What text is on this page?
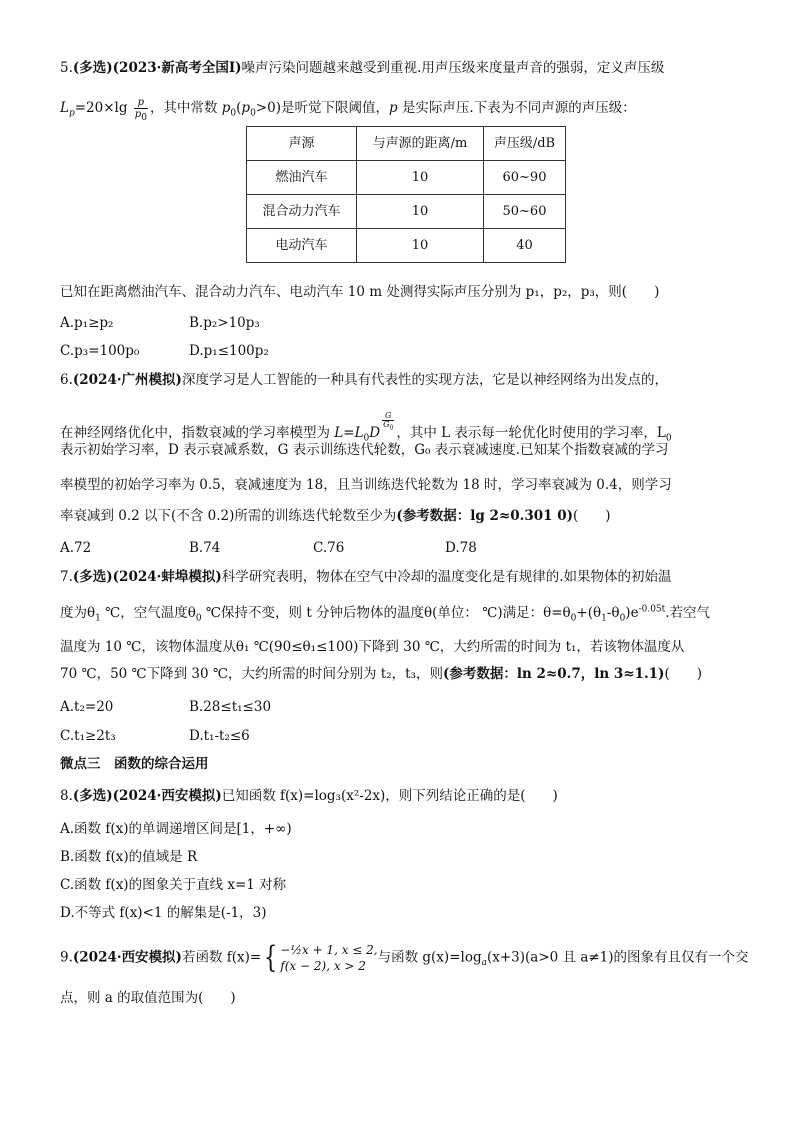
5.(多选)(2023·新高考全国Ⅰ)噪声污染问题越来越受到重视.用声压级来度量声音的强弱，定义声压级
$L_p=20\times\lg \frac{p}{p_0}$ ，其中常数 $p_0(p_0>0)$是听觉下限阈值，p 是实际声压.下表为不同声源的声压级：
声源	与声源的距离/m	声压级/dB
燃油汽车	10	60~90
混合动力汽车	10	50~60
电动汽车	10	40
已知在距离燃油汽车、混合动力汽车、电动汽车 10 m 处测得实际声压分别为 p₁，p₂，p₃，则(　　)
A.p₁≥p₂	B.p₂>10p₃
C.p₃=100p₀	D.p₁≤100p₂
6.(2024·广州模拟)深度学习是人工智能的一种具有代表性的实现方法，它是以神经网络为出发点的，
在神经网络优化中，指数衰减的学习率模型为 $L=L_0D$
$\frac{G}{G_0}$
，其中 L 表示每一轮优化时使用的学习率，$L_0$
表示初始学习率，D 表示衰减系数，G 表示训练迭代轮数，G₀ 表示衰减速度.已知某个指数衰减的学习
率模型的初始学习率为 0.5，衰减速度为 18，且当训练迭代轮数为 18 时，学习率衰减为 0.4，则学习
率衰减到 0.2 以下(不含 0.2)所需的训练迭代轮数至少为(参考数据：lg 2≈0.301 0)(　　)
A.72	B.74	C.76	D.78
7.(多选)(2024·蚌埠模拟)科学研究表明，物体在空气中冷却的温度变化是有规律的.如果物体的初始温
度为$\theta_1$ ℃，空气温度$\theta_0$ ℃保持不变，则 t 分钟后物体的温度θ(单位： ℃)满足：$\theta=\theta_0+(\theta_1-\theta_0)e^{-0.05t}$.若空气
温度为 10 ℃，该物体温度从θ₁ ℃(90≤θ₁≤100)下降到 30 ℃，大约所需的时间为 t₁，若该物体温度从
70 ℃，50 ℃下降到 30 ℃，大约所需的时间分别为 t₂，t₃，则(参考数据：ln 2≈0.7，ln 3≈1.1)(　　)
A.t₂=20	B.28≤t₁≤30
C.t₁≥2t₃	D.t₁-t₂≤6
微点三　函数的综合运用
8.(多选)(2024·西安模拟)已知函数 f(x)=log₃(x²-2x)，则下列结论正确的是(　　)
A.函数 f(x)的单调递增区间是[1，+∞)
B.函数 f(x)的值域是 R
C.函数 f(x)的图象关于直线 x=1 对称
D.不等式 f(x)<1 的解集是(-1，3)
9.(2024·西安模拟)若函数 f(x)={ −½x + 1, x ≤ 2,
f(x − 2), x > 2
与函数 $g(x)=\log_a(x+3)(a>0$ 且 a≠1)的图象有且仅有一个交
点，则 a 的取值范围为(　　)
